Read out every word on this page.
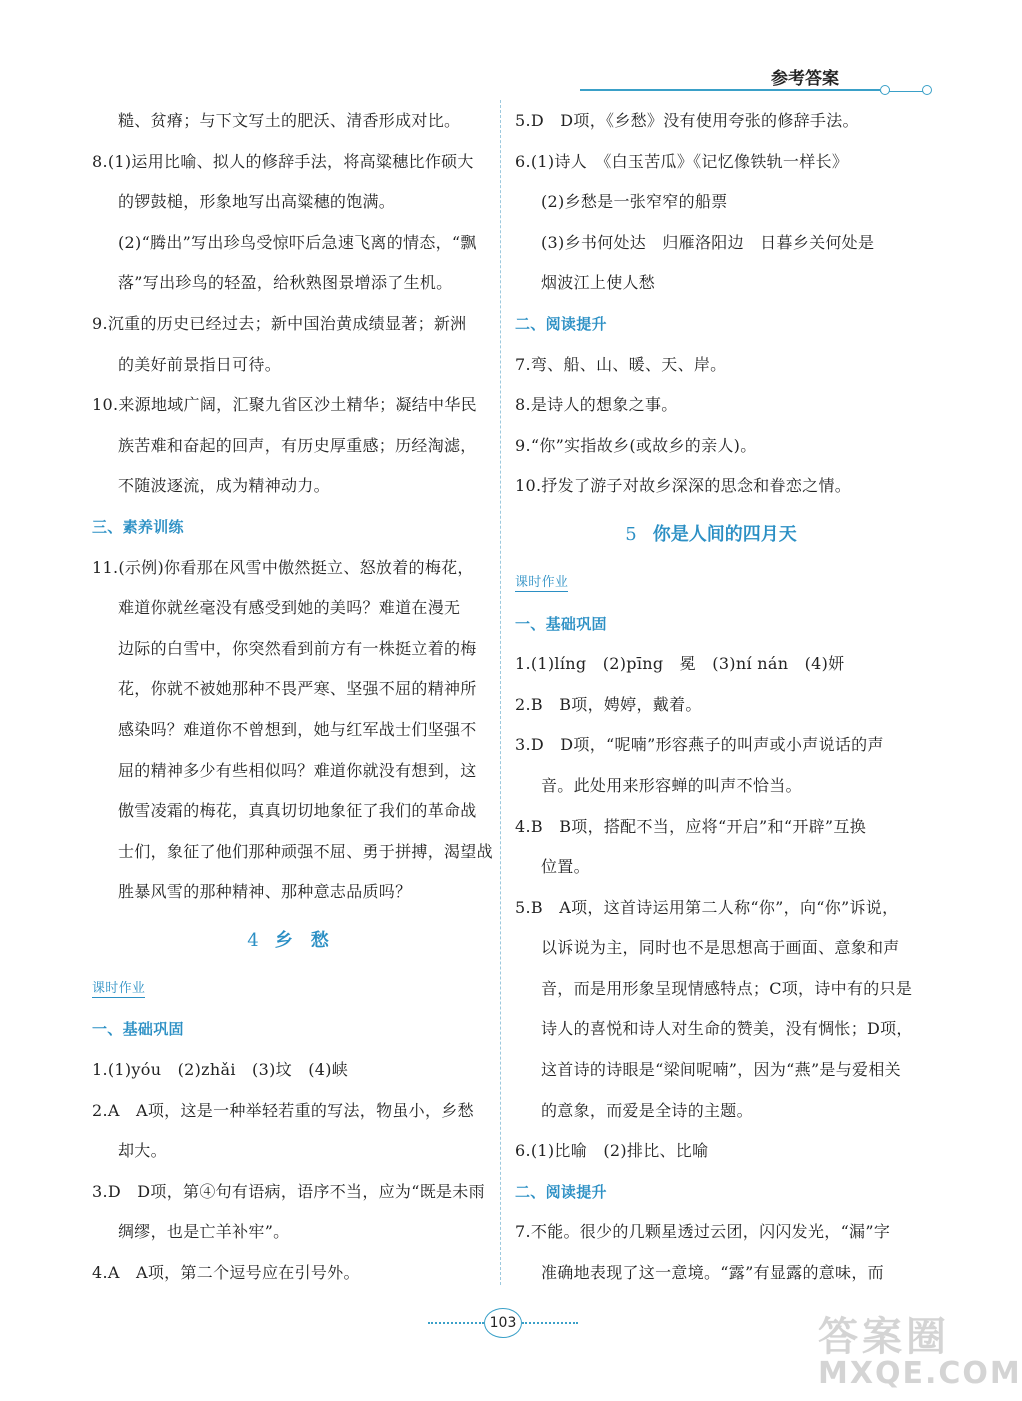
参考答案
糙、贫瘠；与下文写土的肥沃、清香形成对比。
8.(1)运用比喻、拟人的修辞手法，将高粱穗比作硕大
的锣鼓槌，形象地写出高粱穗的饱满。
(2)“腾出”写出珍鸟受惊吓后急速飞离的情态，“飘
落”写出珍鸟的轻盈，给秋熟图景增添了生机。
9.沉重的历史已经过去；新中国治黄成绩显著；新洲
的美好前景指日可待。
10.来源地域广阔，汇聚九省区沙土精华；凝结中华民
族苦难和奋起的回声，有历史厚重感；历经淘滤，
不随波逐流，成为精神动力。
三、素养训练
11.(示例)你看那在风雪中傲然挺立、怒放着的梅花，
难道你就丝毫没有感受到她的美吗？难道在漫无
边际的白雪中，你突然看到前方有一株挺立着的梅
花，你就不被她那种不畏严寒、坚强不屈的精神所
感染吗？难道你不曾想到，她与红军战士们坚强不
屈的精神多少有些相似吗？难道你就没有想到，这
傲雪凌霜的梅花，真真切切地象征了我们的革命战
士们，象征了他们那种顽强不屈、勇于拼搏，渴望战
胜暴风雪的那种精神、那种意志品质吗？
4 乡　愁
课时作业
一、基础巩固
1.(1)yóu　(2)zhǎi　(3)坟　(4)峡
2.A　A项，这是一种举轻若重的写法，物虽小，乡愁
却大。
3.D　D项，第④句有语病，语序不当，应为“既是未雨
绸缪，也是亡羊补牢”。
4.A　A项，第二个逗号应在引号外。
5.D　D项，《乡愁》没有使用夸张的修辞手法。
6.(1)诗人　《白玉苦瓜》《记忆像铁轨一样长》
(2)乡愁是一张窄窄的船票
(3)乡书何处达　归雁洛阳边　日暮乡关何处是
烟波江上使人愁
二、阅读提升
7.弯、船、山、暖、天、岸。
8.是诗人的想象之事。
9.“你”实指故乡(或故乡的亲人)。
10.抒发了游子对故乡深深的思念和眷恋之情。
5 你是人间的四月天
课时作业
一、基础巩固
1.(1)líng　(2)pīng　冕　(3)ní nán　(4)妍
2.B　B项，娉婷，戴着。
3.D　D项，“呢喃”形容燕子的叫声或小声说话的声
音。此处用来形容蝉的叫声不恰当。
4.B　B项，搭配不当，应将“开启”和“开辟”互换
位置。
5.B　A项，这首诗运用第二人称“你”，向“你”诉说，
以诉说为主，同时也不是思想高于画面、意象和声
音，而是用形象呈现情感特点；C项，诗中有的只是
诗人的喜悦和诗人对生命的赞美，没有惆怅；D项，
这首诗的诗眼是“梁间呢喃”，因为“燕”是与爱相关
的意象，而爱是全诗的主题。
6.(1)比喻　(2)排比、比喻
二、阅读提升
7.不能。很少的几颗星透过云团，闪闪发光，“漏”字
准确地表现了这一意境。“露”有显露的意味，而
103	答案圈
MXQE.COM
